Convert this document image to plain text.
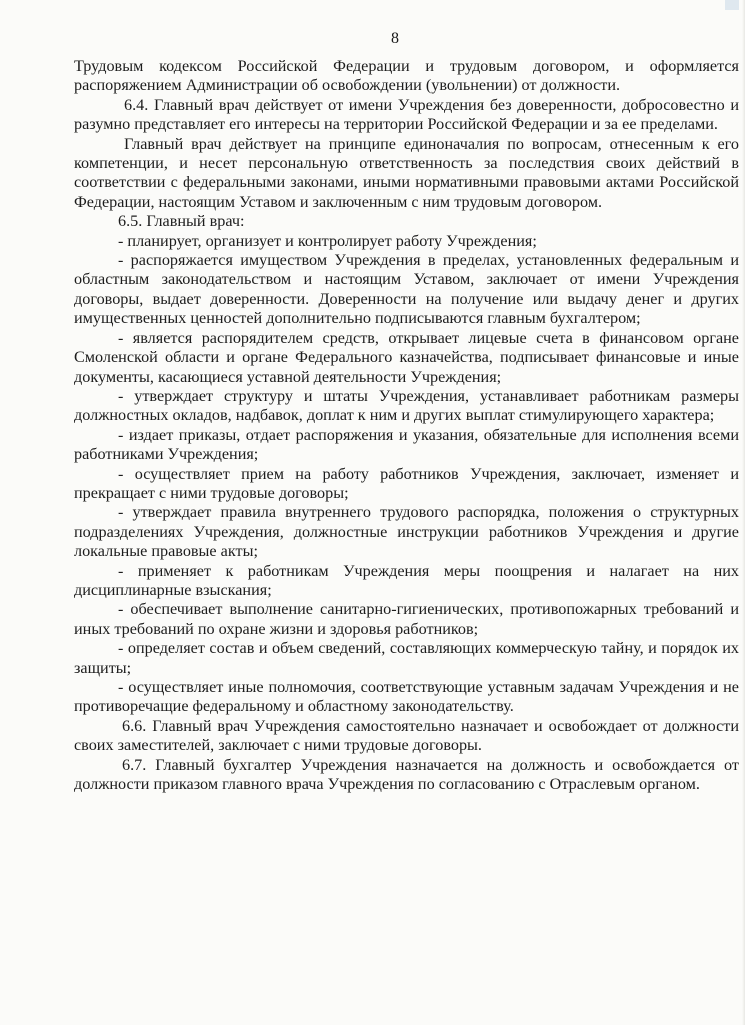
8

Трудовым кодексом Российской Федерации и трудовым договором, и оформляется распоряжением Администрации об освобождении (увольнении) от должности.

6.4. Главный врач действует от имени Учреждения без доверенности, добросовестно и разумно представляет его интересы на территории Российской Федерации и за ее пределами.

Главный врач действует на принципе единоначалия по вопросам, отнесенным к его компетенции, и несет персональную ответственность за последствия своих действий в соответствии с федеральными законами, иными нормативными правовыми актами Российской Федерации, настоящим Уставом и заключенным с ним трудовым договором.

6.5. Главный врач:

- планирует, организует и контролирует работу Учреждения;

- распоряжается имуществом Учреждения в пределах, установленных федеральным и областным законодательством и настоящим Уставом, заключает от имени Учреждения договоры, выдает доверенности. Доверенности на получение или выдачу денег и других имущественных ценностей дополнительно подписываются главным бухгалтером;

- является распорядителем средств, открывает лицевые счета в финансовом органе Смоленской области и органе Федерального казначейства, подписывает финансовые и иные документы, касающиеся уставной деятельности Учреждения;

- утверждает структуру и штаты Учреждения, устанавливает работникам размеры должностных окладов, надбавок, доплат к ним и других выплат стимулирующего характера;

- издает приказы, отдает распоряжения и указания, обязательные для исполнения всеми работниками Учреждения;

- осуществляет прием на работу работников Учреждения, заключает, изменяет и прекращает с ними трудовые договоры;

- утверждает правила внутреннего трудового распорядка, положения о структурных подразделениях Учреждения, должностные инструкции работников Учреждения и другие локальные правовые акты;

- применяет к работникам Учреждения меры поощрения и налагает на них дисциплинарные взыскания;

- обеспечивает выполнение санитарно-гигиенических, противопожарных требований и иных требований по охране жизни и здоровья работников;

- определяет состав и объем сведений, составляющих коммерческую тайну, и порядок их защиты;

- осуществляет иные полномочия, соответствующие уставным задачам Учреждения и не противоречащие федеральному и областному законодательству.

6.6. Главный врач Учреждения самостоятельно назначает и освобождает от должности своих заместителей, заключает с ними трудовые договоры.

6.7. Главный бухгалтер Учреждения назначается на должность и освобождается от должности приказом главного врача Учреждения по согласованию с Отраслевым органом.
